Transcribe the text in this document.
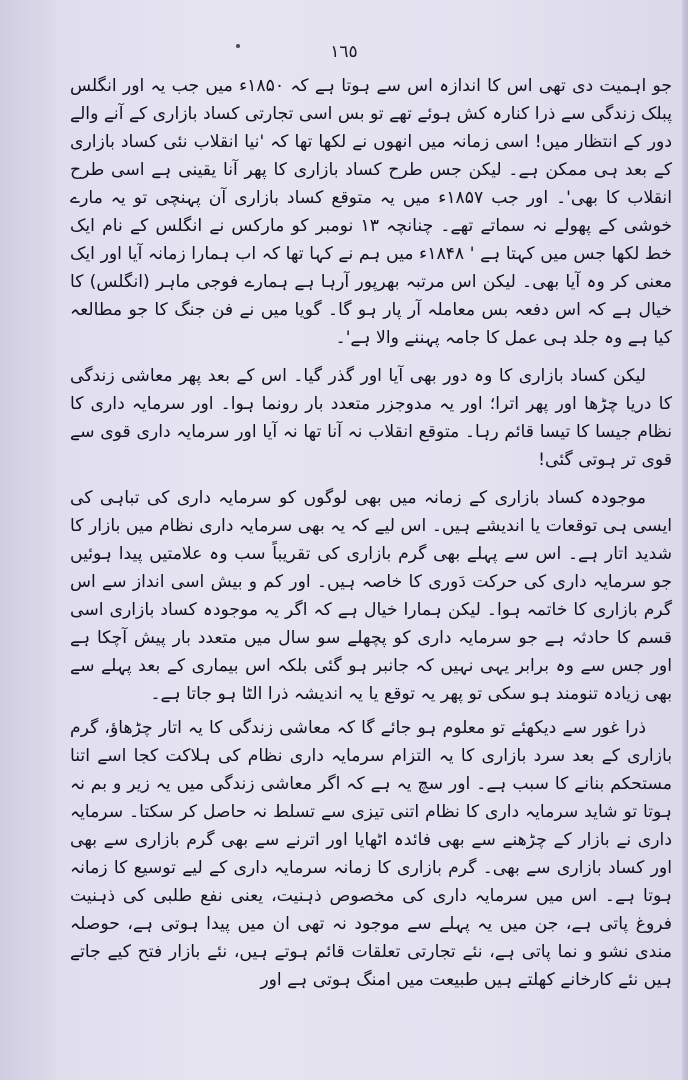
١٦٥

جو اہمیت دی تھی اس کا اندازہ اس سے ہوتا ہے کہ ۱۸۵۰ء میں جب یہ اور انگلس پبلک زندگی سے ذرا کنارہ کش ہوئے تھے تو بس اسی تجارتی کساد بازاری کے آنے والے دور کے انتظار میں! اسی زمانہ میں انھوں نے لکھا تھا کہ 'نیا انقلاب نئی کساد بازاری کے بعد ہی ممکن ہے۔ لیکن جس طرح کساد بازاری کا پھر آنا یقینی ہے اسی طرح انقلاب کا بھی'۔ اور جب ۱۸۵۷ء میں یہ متوقع کساد بازاری آن پہنچی تو یہ مارے خوشی کے پھولے نہ سماتے تھے۔ چنانچہ ۱۳ نومبر کو مارکس نے انگلس کے نام ایک خط لکھا جس میں کہتا ہے ' ۱۸۴۸ء میں ہم نے کہا تھا کہ اب ہمارا زمانہ آیا اور ایک معنی کر وہ آیا بھی۔ لیکن اس مرتبہ بھرپور آرہا ہے ہمارے فوجی ماہر (انگلس) کا خیال ہے کہ اس دفعہ بس معاملہ آر پار ہو گا۔ گویا میں نے فن جنگ کا جو مطالعہ کیا ہے وہ جلد ہی عمل کا جامہ پہننے والا ہے'۔

لیکن کساد بازاری کا وہ دور بھی آیا اور گذر گیا۔ اس کے بعد پھر معاشی زندگی کا دریا چڑھا اور پھر اترا؛ اور یہ مدوجزر متعدد بار رونما ہوا۔ اور سرمایہ داری کا نظام جیسا کا تیسا قائم رہا۔ متوقع انقلاب نہ آنا تھا نہ آیا اور سرمایہ داری قوی سے قوی تر ہوتی گئی!

موجودہ کساد بازاری کے زمانہ میں بھی لوگوں کو سرمایہ داری کی تباہی کی ایسی ہی توقعات یا اندیشے ہیں۔ اس لیے کہ یہ بھی سرمایہ داری نظام میں بازار کا شدید اتار ہے۔ اس سے پہلے بھی گرم بازاری کی تقریباً سب وہ علامتیں پیدا ہوئیں جو سرمایہ داری کی حرکت دَوری کا خاصہ ہیں۔ اور کم و بیش اسی انداز سے اس گرم بازاری کا خاتمہ ہوا۔ لیکن ہمارا خیال ہے کہ اگر یہ موجودہ کساد بازاری اسی قسم کا حادثہ ہے جو سرمایہ داری کو پچھلے سو سال میں متعدد بار پیش آچکا ہے اور جس سے وہ برابر یہی نہیں کہ جانبر ہو گئی بلکہ اس بیماری کے بعد پہلے سے بھی زیادہ تنومند ہو سکی تو پھر یہ توقع یا یہ اندیشہ ذرا الٹا ہو جاتا ہے۔

ذرا غور سے دیکھئے تو معلوم ہو جائے گا کہ معاشی زندگی کا یہ اتار چڑھاؤ، گرم بازاری کے بعد سرد بازاری کا یہ التزام سرمایہ داری نظام کی ہلاکت کجا اسے اتنا مستحکم بنانے کا سبب ہے۔ اور سچ یہ ہے کہ اگر معاشی زندگی میں یہ زیر و بم نہ ہوتا تو شاید سرمایہ داری کا نظام اتنی تیزی سے تسلط نہ حاصل کر سکتا۔ سرمایہ داری نے بازار کے چڑھنے سے بھی فائدہ اٹھایا اور اترنے سے بھی گرم بازاری سے بھی اور کساد بازاری سے بھی۔ گرم بازاری کا زمانہ سرمایہ داری کے لیے توسیع کا زمانہ ہوتا ہے۔ اس میں سرمایہ داری کی مخصوص ذہنیت، یعنی نفع طلبی کی ذہنیت فروغ پاتی ہے، جن میں یہ پہلے سے موجود نہ تھی ان میں پیدا ہوتی ہے، حوصلہ مندی نشو و نما پاتی ہے، نئے تجارتی تعلقات قائم ہوتے ہیں، نئے بازار فتح کیے جاتے ہیں نئے کارخانے کھلتے ہیں طبیعت میں امنگ ہوتی ہے اور
